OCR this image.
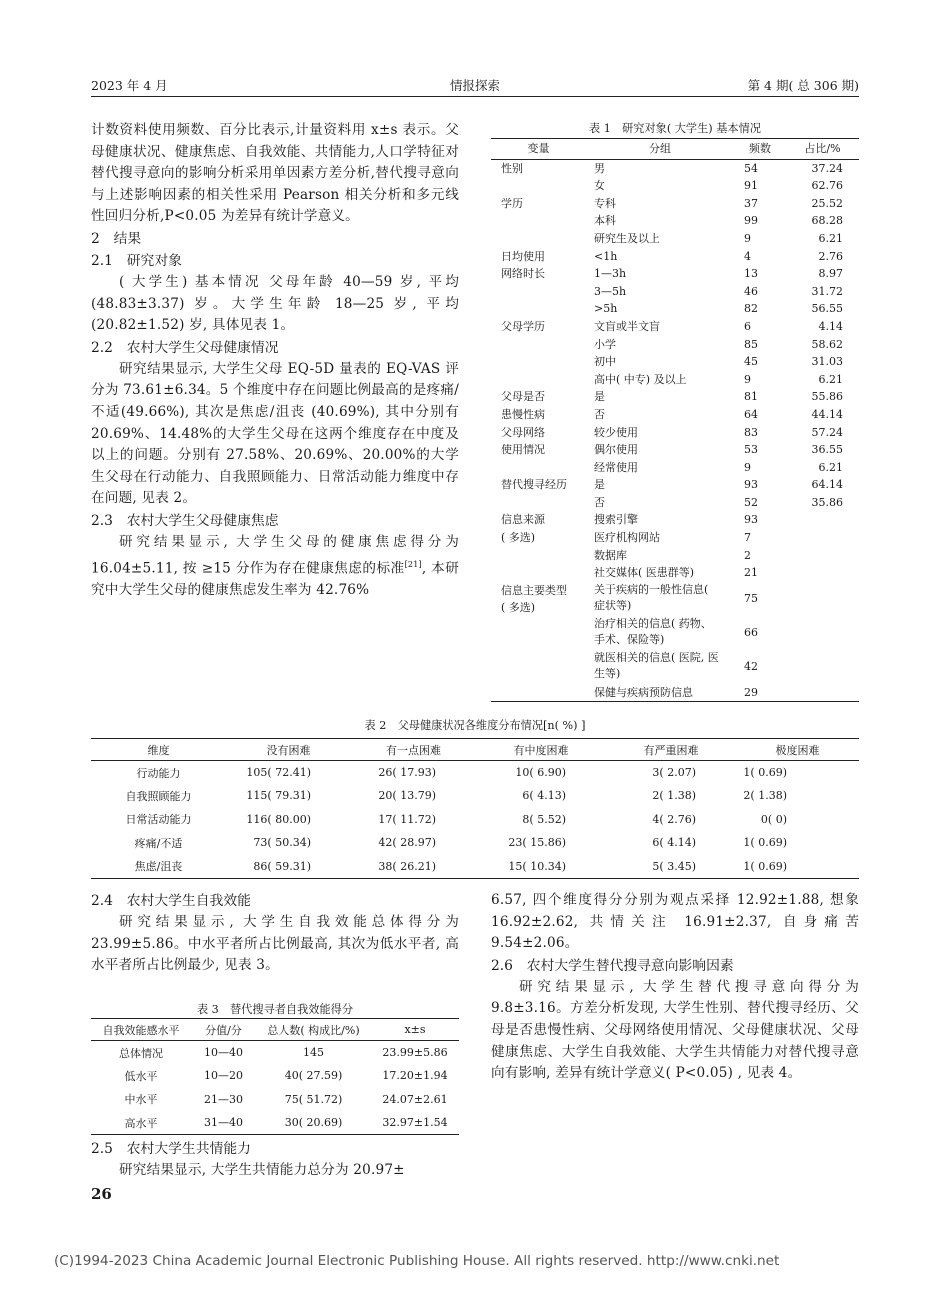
2023 年 4 月	情报探索	第 4 期( 总 306 期)

计数资料使用频数、百分比表示,计量资料用 x±s 表示。父母健康状况、健康焦虑、自我效能、共情能力,人口学特征对替代搜寻意向的影响分析采用单因素方差分析,替代搜寻意向与上述影响因素的相关性采用 Pearson 相关分析和多元线性回归分析,P<0.05 为差异有统计学意义。

2　结果

2.1　研究对象

( 大学生) 基本情况 父母年龄 40—59 岁, 平均 (48.83±3.37) 岁。大学生年龄 18—25 岁, 平均 (20.82±1.52) 岁, 具体见表 1。

2.2　农村大学生父母健康情况

研究结果显示, 大学生父母 EQ-5D 量表的 EQ-VAS 评分为 73.61±6.34。5 个维度中存在问题比例最高的是疼痛/不适(49.66%), 其次是焦虑/沮丧 (40.69%), 其中分别有 20.69%、14.48%的大学生父母在这两个维度存在中度及以上的问题。分别有 27.58%、20.69%、20.00%的大学生父母在行动能力、自我照顾能力、日常活动能力维度中存在问题, 见表 2。

2.3　农村大学生父母健康焦虑

研究结果显示, 大学生父母的健康焦虑得分为 16.04±5.11, 按 ≥15 分作为存在健康焦虑的标准[21], 本研究中大学生父母的健康焦虑发生率为 42.76%

表 1　研究对象( 大学生) 基本情况
变量	分组	频数	占比/%
性别	男	54	37.24
	女	91	62.76
学历	专科	37	25.52
	本科	99	68.28
	研究生及以上	9	6.21
日均使用	<1h	4	2.76
网络时长	1—3h	13	8.97
	3—5h	46	31.72
	>5h	82	56.55
父母学历	文盲或半文盲	6	4.14
	小学	85	58.62
	初中	45	31.03
	高中( 中专) 及以上	9	6.21
父母是否	是	81	55.86
患慢性病	否	64	44.14
父母网络	较少使用	83	57.24
使用情况	偶尔使用	53	36.55
	经常使用	9	6.21
替代搜寻经历	是	93	64.14
	否	52	35.86
信息来源	搜索引擎	93	
( 多选)	医疗机构网站	7	
	数据库	2	
	社交媒体( 医患群等)	21	
信息主要类型	关于疾病的一般性信息( 症状等)	75	
( 多选)	治疗相关的信息( 药物、手术、保险等)	66	
	就医相关的信息( 医院, 医生等)	42	
	保健与疾病预防信息	29	
表 2　父母健康状况各维度分布情况[n( %) ]
维度	没有困难	有一点困难	有中度困难	有严重困难	极度困难
行动能力	105( 72.41)	26( 17.93)	10( 6.90)	3( 2.07)	1( 0.69)
自我照顾能力	115( 79.31)	20( 13.79)	6( 4.13)	2( 1.38)	2( 1.38)
日常活动能力	116( 80.00)	17( 11.72)	8( 5.52)	4( 2.76)	0( 0)
疼痛/不适	73( 50.34)	42( 28.97)	23( 15.86)	6( 4.14)	1( 0.69)
焦虑/沮丧	86( 59.31)	38( 26.21)	15( 10.34)	5( 3.45)	1( 0.69)

2.4　农村大学生自我效能

研究结果显示, 大学生自我效能总体得分为 23.99±5.86。中水平者所占比例最高, 其次为低水平者, 高水平者所占比例最少, 见表 3。

表 3　替代搜寻者自我效能得分
自我效能感水平	分值/分	总人数( 构成比/%)	x±s
总体情况	10—40	145	23.99±5.86
低水平	10—20	40( 27.59)	17.20±1.94
中水平	21—30	75( 51.72)	24.07±2.61
高水平	31—40	30( 20.69)	32.97±1.54

2.5　农村大学生共情能力

研究结果显示, 大学生共情能力总分为 20.97±

6.57, 四个维度得分分别为观点采择 12.92±1.88, 想象 16.92±2.62, 共情关注 16.91±2.37, 自身痛苦 9.54±2.06。

2.6　农村大学生替代搜寻意向影响因素

研究结果显示, 大学生替代搜寻意向得分为 9.8±3.16。方差分析发现, 大学生性别、替代搜寻经历、父母是否患慢性病、父母网络使用情况、父母健康状况、父母健康焦虑、大学生自我效能、大学生共情能力对替代搜寻意向有影响, 差异有统计学意义( P<0.05) , 见表 4。

26
(C)1994-2023 China Academic Journal Electronic Publishing House. All rights reserved. http://www.cnki.net
